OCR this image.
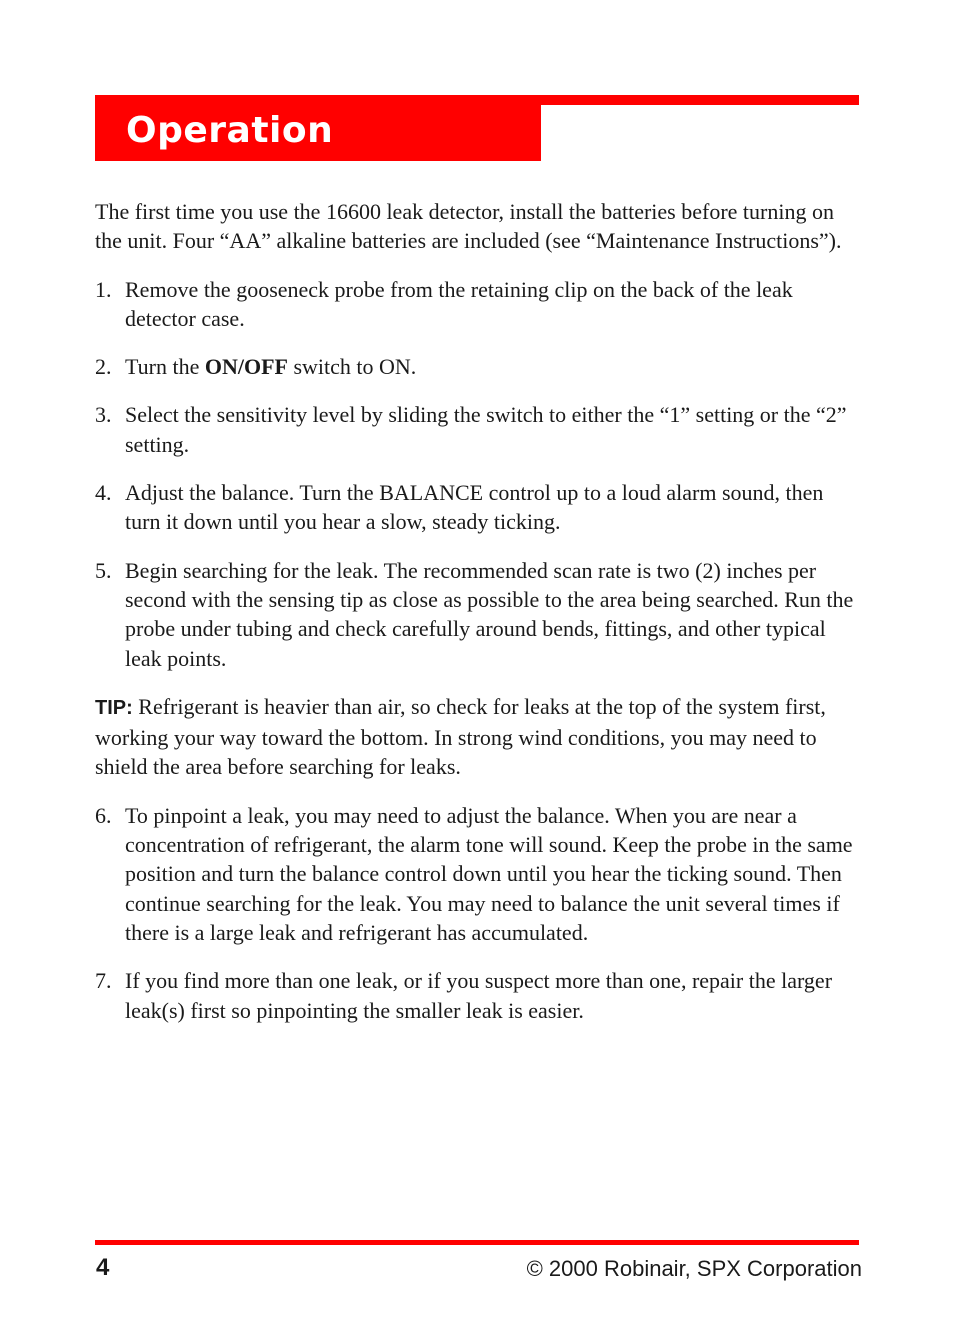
Operation

The first time you use the 16600 leak detector, install the batteries before turning on the unit. Four “AA” alkaline batteries are included (see “Maintenance Instructions”).

1. Remove the gooseneck probe from the retaining clip on the back of the leak detector case.
2. Turn the ON/OFF switch to ON.
3. Select the sensitivity level by sliding the switch to either the “1” setting or the “2” setting.
4. Adjust the balance. Turn the BALANCE control up to a loud alarm sound, then turn it down until you hear a slow, steady ticking.
5. Begin searching for the leak. The recommended scan rate is two (2) inches per second with the sensing tip as close as possible to the area being searched. Run the probe under tubing and check carefully around bends, fittings, and other typical leak points.

TIP: Refrigerant is heavier than air, so check for leaks at the top of the system first, working your way toward the bottom. In strong wind conditions, you may need to shield the area before searching for leaks.

6. To pinpoint a leak, you may need to adjust the balance. When you are near a concentration of refrigerant, the alarm tone will sound. Keep the probe in the same position and turn the balance control down until you hear the ticking sound. Then continue searching for the leak. You may need to balance the unit several times if there is a large leak and refrigerant has accumulated.
7. If you find more than one leak, or if you suspect more than one, repair the larger leak(s) first so pinpointing the smaller leak is easier.
4	© 2000 Robinair, SPX Corporation
